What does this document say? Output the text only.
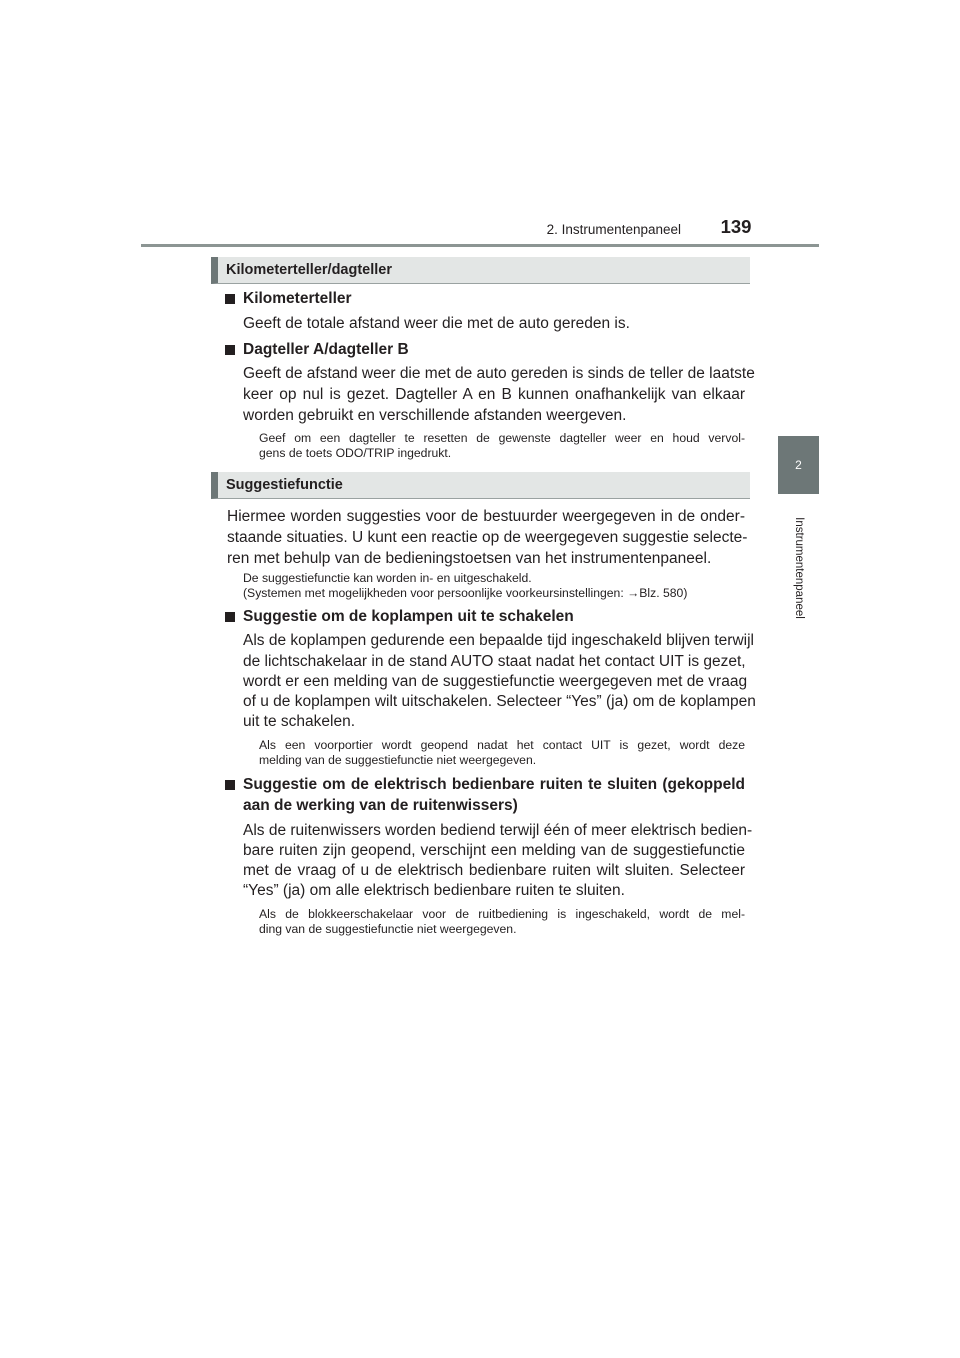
2. Instrumentenpaneel	139
2
Instrumentenpaneel
Kilometerteller/dagteller
Kilometerteller
Geeft de totale afstand weer die met de auto gereden is.
Dagteller A/dagteller B
Geeft de afstand weer die met de auto gereden is sinds de teller de laatste
keer op nul is gezet. Dagteller A en B kunnen onafhankelijk van elkaar
worden gebruikt en verschillende afstanden weergeven.
Geef om een dagteller te resetten de gewenste dagteller weer en houd vervol-
gens de toets ODO/TRIP ingedrukt.
Suggestiefunctie
Hiermee worden suggesties voor de bestuurder weergegeven in de onder-
staande situaties. U kunt een reactie op de weergegeven suggestie selecte-
ren met behulp van de bedieningstoetsen van het instrumentenpaneel.
De suggestiefunctie kan worden in- en uitgeschakeld.
(Systemen met mogelijkheden voor persoonlijke voorkeursinstellingen: →Blz. 580)
Suggestie om de koplampen uit te schakelen
Als de koplampen gedurende een bepaalde tijd ingeschakeld blijven terwijl
de lichtschakelaar in de stand AUTO staat nadat het contact UIT is gezet,
wordt er een melding van de suggestiefunctie weergegeven met de vraag
of u de koplampen wilt uitschakelen. Selecteer “Yes” (ja) om de koplampen
uit te schakelen.
Als een voorportier wordt geopend nadat het contact UIT is gezet, wordt deze
melding van de suggestiefunctie niet weergegeven.
Suggestie om de elektrisch bedienbare ruiten te sluiten (gekoppeld
aan de werking van de ruitenwissers)
Als de ruitenwissers worden bediend terwijl één of meer elektrisch bedien-
bare ruiten zijn geopend, verschijnt een melding van de suggestiefunctie
met de vraag of u de elektrisch bedienbare ruiten wilt sluiten. Selecteer
“Yes” (ja) om alle elektrisch bedienbare ruiten te sluiten.
Als de blokkeerschakelaar voor de ruitbediening is ingeschakeld, wordt de mel-
ding van de suggestiefunctie niet weergegeven.
